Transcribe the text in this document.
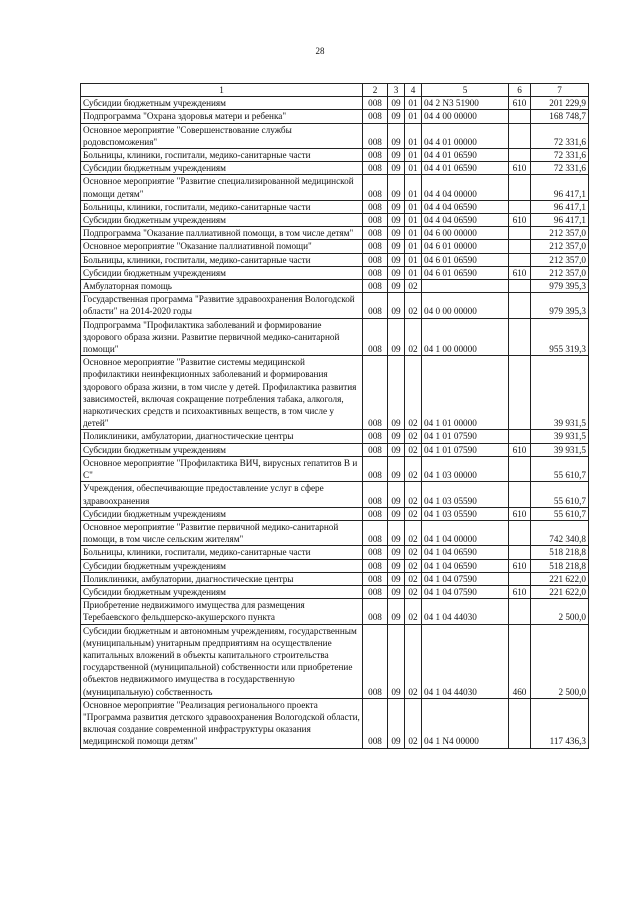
28
1	2	3	4	5	6	7
Субсидии бюджетным учреждениям	008	09	01	04 2 N3 51900	610	201 229,9
Подпрограмма "Охрана здоровья матери и ребенка"	008	09	01	04 4 00 00000		168 748,7
Основное мероприятие "Совершенствование службы родовспоможения"	008	09	01	04 4 01 00000		72 331,6
Больницы, клиники, госпитали, медико-санитарные части	008	09	01	04 4 01 06590		72 331,6
Субсидии бюджетным учреждениям	008	09	01	04 4 01 06590	610	72 331,6
Основное мероприятие "Развитие специализированной медицинской помощи детям"	008	09	01	04 4 04 00000		96 417,1
Больницы, клиники, госпитали, медико-санитарные части	008	09	01	04 4 04 06590		96 417,1
Субсидии бюджетным учреждениям	008	09	01	04 4 04 06590	610	96 417,1
Подпрограмма "Оказание паллиативной помощи, в том числе детям"	008	09	01	04 6 00 00000		212 357,0
Основное мероприятие "Оказание паллиативной помощи"	008	09	01	04 6 01 00000		212 357,0
Больницы, клиники, госпитали, медико-санитарные части	008	09	01	04 6 01 06590		212 357,0
Субсидии бюджетным учреждениям	008	09	01	04 6 01 06590	610	212 357,0
Амбулаторная помощь	008	09	02			979 395,3
Государственная программа "Развитие здравоохранения Вологодской области" на 2014-2020 годы	008	09	02	04 0 00 00000		979 395,3
Подпрограмма "Профилактика заболеваний и формирование здорового образа жизни. Развитие первичной медико-санитарной помощи"	008	09	02	04 1 00 00000		955 319,3
Основное мероприятие "Развитие системы медицинской профилактики неинфекционных заболеваний и формирования здорового образа жизни, в том числе у детей. Профилактика развития зависимостей, включая сокращение потребления табака, алкоголя, наркотических средств и психоактивных веществ, в том числе у детей"	008	09	02	04 1 01 00000		39 931,5
Поликлиники, амбулатории, диагностические центры	008	09	02	04 1 01 07590		39 931,5
Субсидии бюджетным учреждениям	008	09	02	04 1 01 07590	610	39 931,5
Основное мероприятие "Профилактика ВИЧ, вирусных гепатитов B и C"	008	09	02	04 1 03 00000		55 610,7
Учреждения, обеспечивающие предоставление услуг в сфере здравоохранения	008	09	02	04 1 03 05590		55 610,7
Субсидии бюджетным учреждениям	008	09	02	04 1 03 05590	610	55 610,7
Основное мероприятие "Развитие первичной медико-санитарной помощи, в том числе сельским жителям"	008	09	02	04 1 04 00000		742 340,8
Больницы, клиники, госпитали, медико-санитарные части	008	09	02	04 1 04 06590		518 218,8
Субсидии бюджетным учреждениям	008	09	02	04 1 04 06590	610	518 218,8
Поликлиники, амбулатории, диагностические центры	008	09	02	04 1 04 07590		221 622,0
Субсидии бюджетным учреждениям	008	09	02	04 1 04 07590	610	221 622,0
Приобретение недвижимого имущества для размещения Теребаевского фельдшерско-акушерского пункта	008	09	02	04 1 04 44030		2 500,0
Субсидии бюджетным и автономным учреждениям, государственным (муниципальным) унитарным предприятиям на осуществление капитальных вложений в объекты капитального строительства государственной (муниципальной) собственности или приобретение объектов недвижимого имущества в государственную (муниципальную) собственность	008	09	02	04 1 04 44030	460	2 500,0
Основное мероприятие "Реализация регионального проекта "Программа развития детского здравоохранения Вологодской области, включая создание современной инфраструктуры оказания медицинской помощи детям"	008	09	02	04 1 N4 00000		117 436,3
